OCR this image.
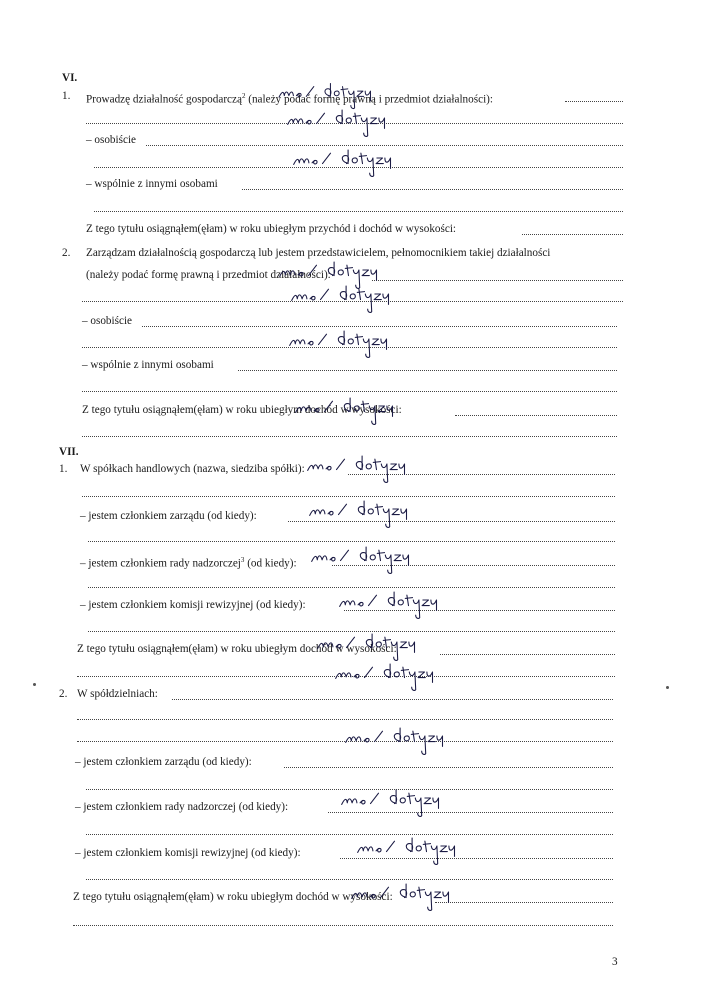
VI.
1. Prowadzę działalność gospodarczą$^2$ (należy podać formę prawną i przedmiot działalności):
– osobiście
– wspólnie z innymi osobami
Z tego tytułu osiągnąłem(ęłam) w roku ubiegłym przychód i dochód w wysokości:
2. Zarządzam działalnością gospodarczą lub jestem przedstawicielem, pełnomocnikiem takiej działalności
(należy podać formę prawną i przedmiot działalności):
– osobiście
– wspólnie z innymi osobami
Z tego tytułu osiągnąłem(ęłam) w roku ubiegłym dochód w wysokości:
VII.
1. W spółkach handlowych (nazwa, siedziba spółki):
– jestem członkiem zarządu (od kiedy):
– jestem członkiem rady nadzorczej$^3$ (od kiedy):
– jestem członkiem komisji rewizyjnej (od kiedy):
Z tego tytułu osiągnąłem(ęłam) w roku ubiegłym dochód w wysokości:
2. W spółdzielniach:
– jestem członkiem zarządu (od kiedy):
– jestem członkiem rady nadzorczej (od kiedy):
– jestem członkiem komisji rewizyjnej (od kiedy):
Z tego tytułu osiągnąłem(ęłam) w roku ubiegłym dochód w wysokości:
3
